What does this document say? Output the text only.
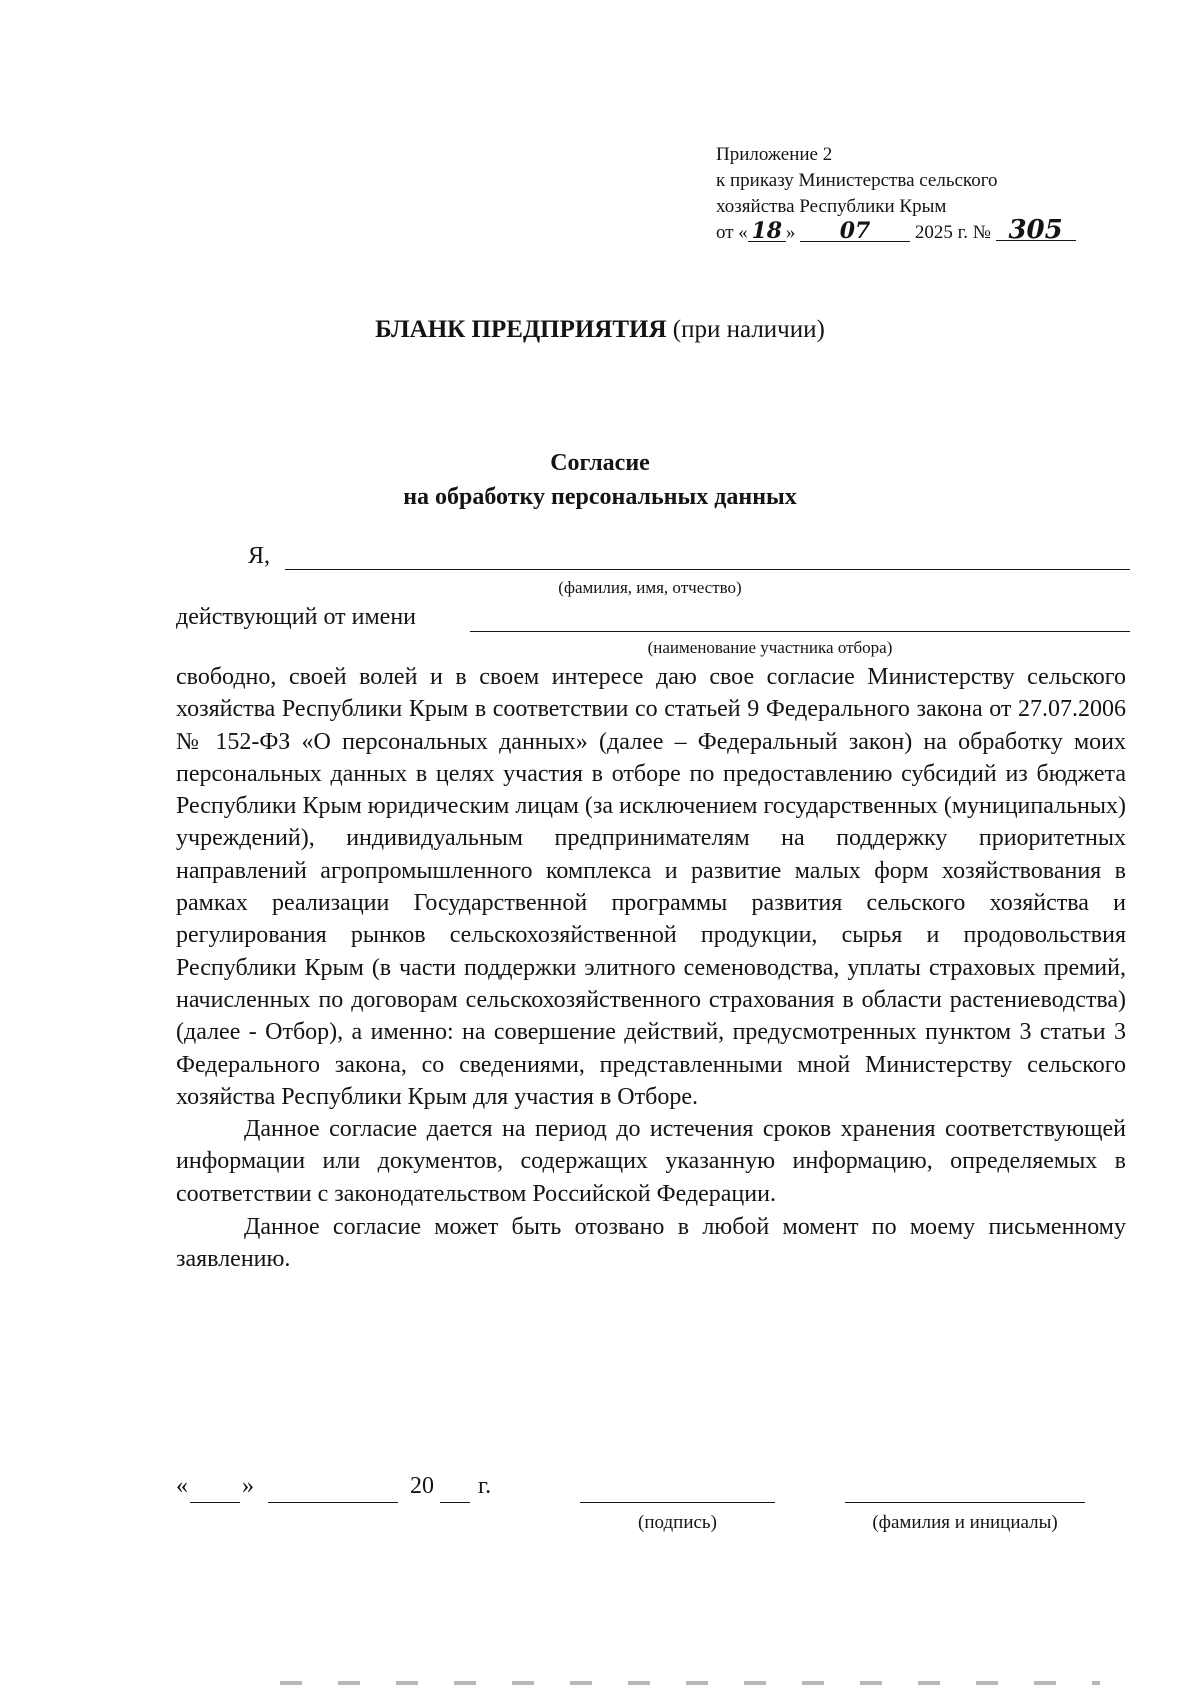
Приложение 2
к приказу Министерства сельского
хозяйства Республики Крым
от « 18 » 07 2025 г. № 305
БЛАНК ПРЕДПРИЯТИЯ (при наличии)
Согласие
на обработку персональных данных
Я,
(фамилия, имя, отчество)
действующий от имени
(наименование участника отбора)

свободно, своей волей и в своем интересе даю свое согласие Министерству сельского хозяйства Республики Крым в соответствии со статьей 9 Федерального закона от 27.07.2006 № 152-ФЗ «О персональных данных» (далее – Федеральный закон) на обработку моих персональных данных в целях участия в отборе по предоставлению субсидий из бюджета Республики Крым юридическим лицам (за исключением государственных (муниципальных) учреждений), индивидуальным предпринимателям на поддержку приоритетных направлений агропромышленного комплекса и развитие малых форм хозяйствования в рамках реализации Государственной программы развития сельского хозяйства и регулирования рынков сельскохозяйственной продукции, сырья и продовольствия Республики Крым (в части поддержки элитного семеноводства, уплаты страховых премий, начисленных по договорам сельскохозяйственного страхования в области растениеводства) (далее - Отбор), а именно: на совершение действий, предусмотренных пунктом 3 статьи 3 Федерального закона, со сведениями, представленными мной Министерству сельского хозяйства Республики Крым для участия в Отборе.

Данное согласие дается на период до истечения сроков хранения соответствующей информации или документов, содержащих указанную информацию, определяемых в соответствии с законодательством Российской Федерации.

Данное согласие может быть отозвано в любой момент по моему письменному заявлению.

« »	20 г.
(подпись)	(фамилия и инициалы)
